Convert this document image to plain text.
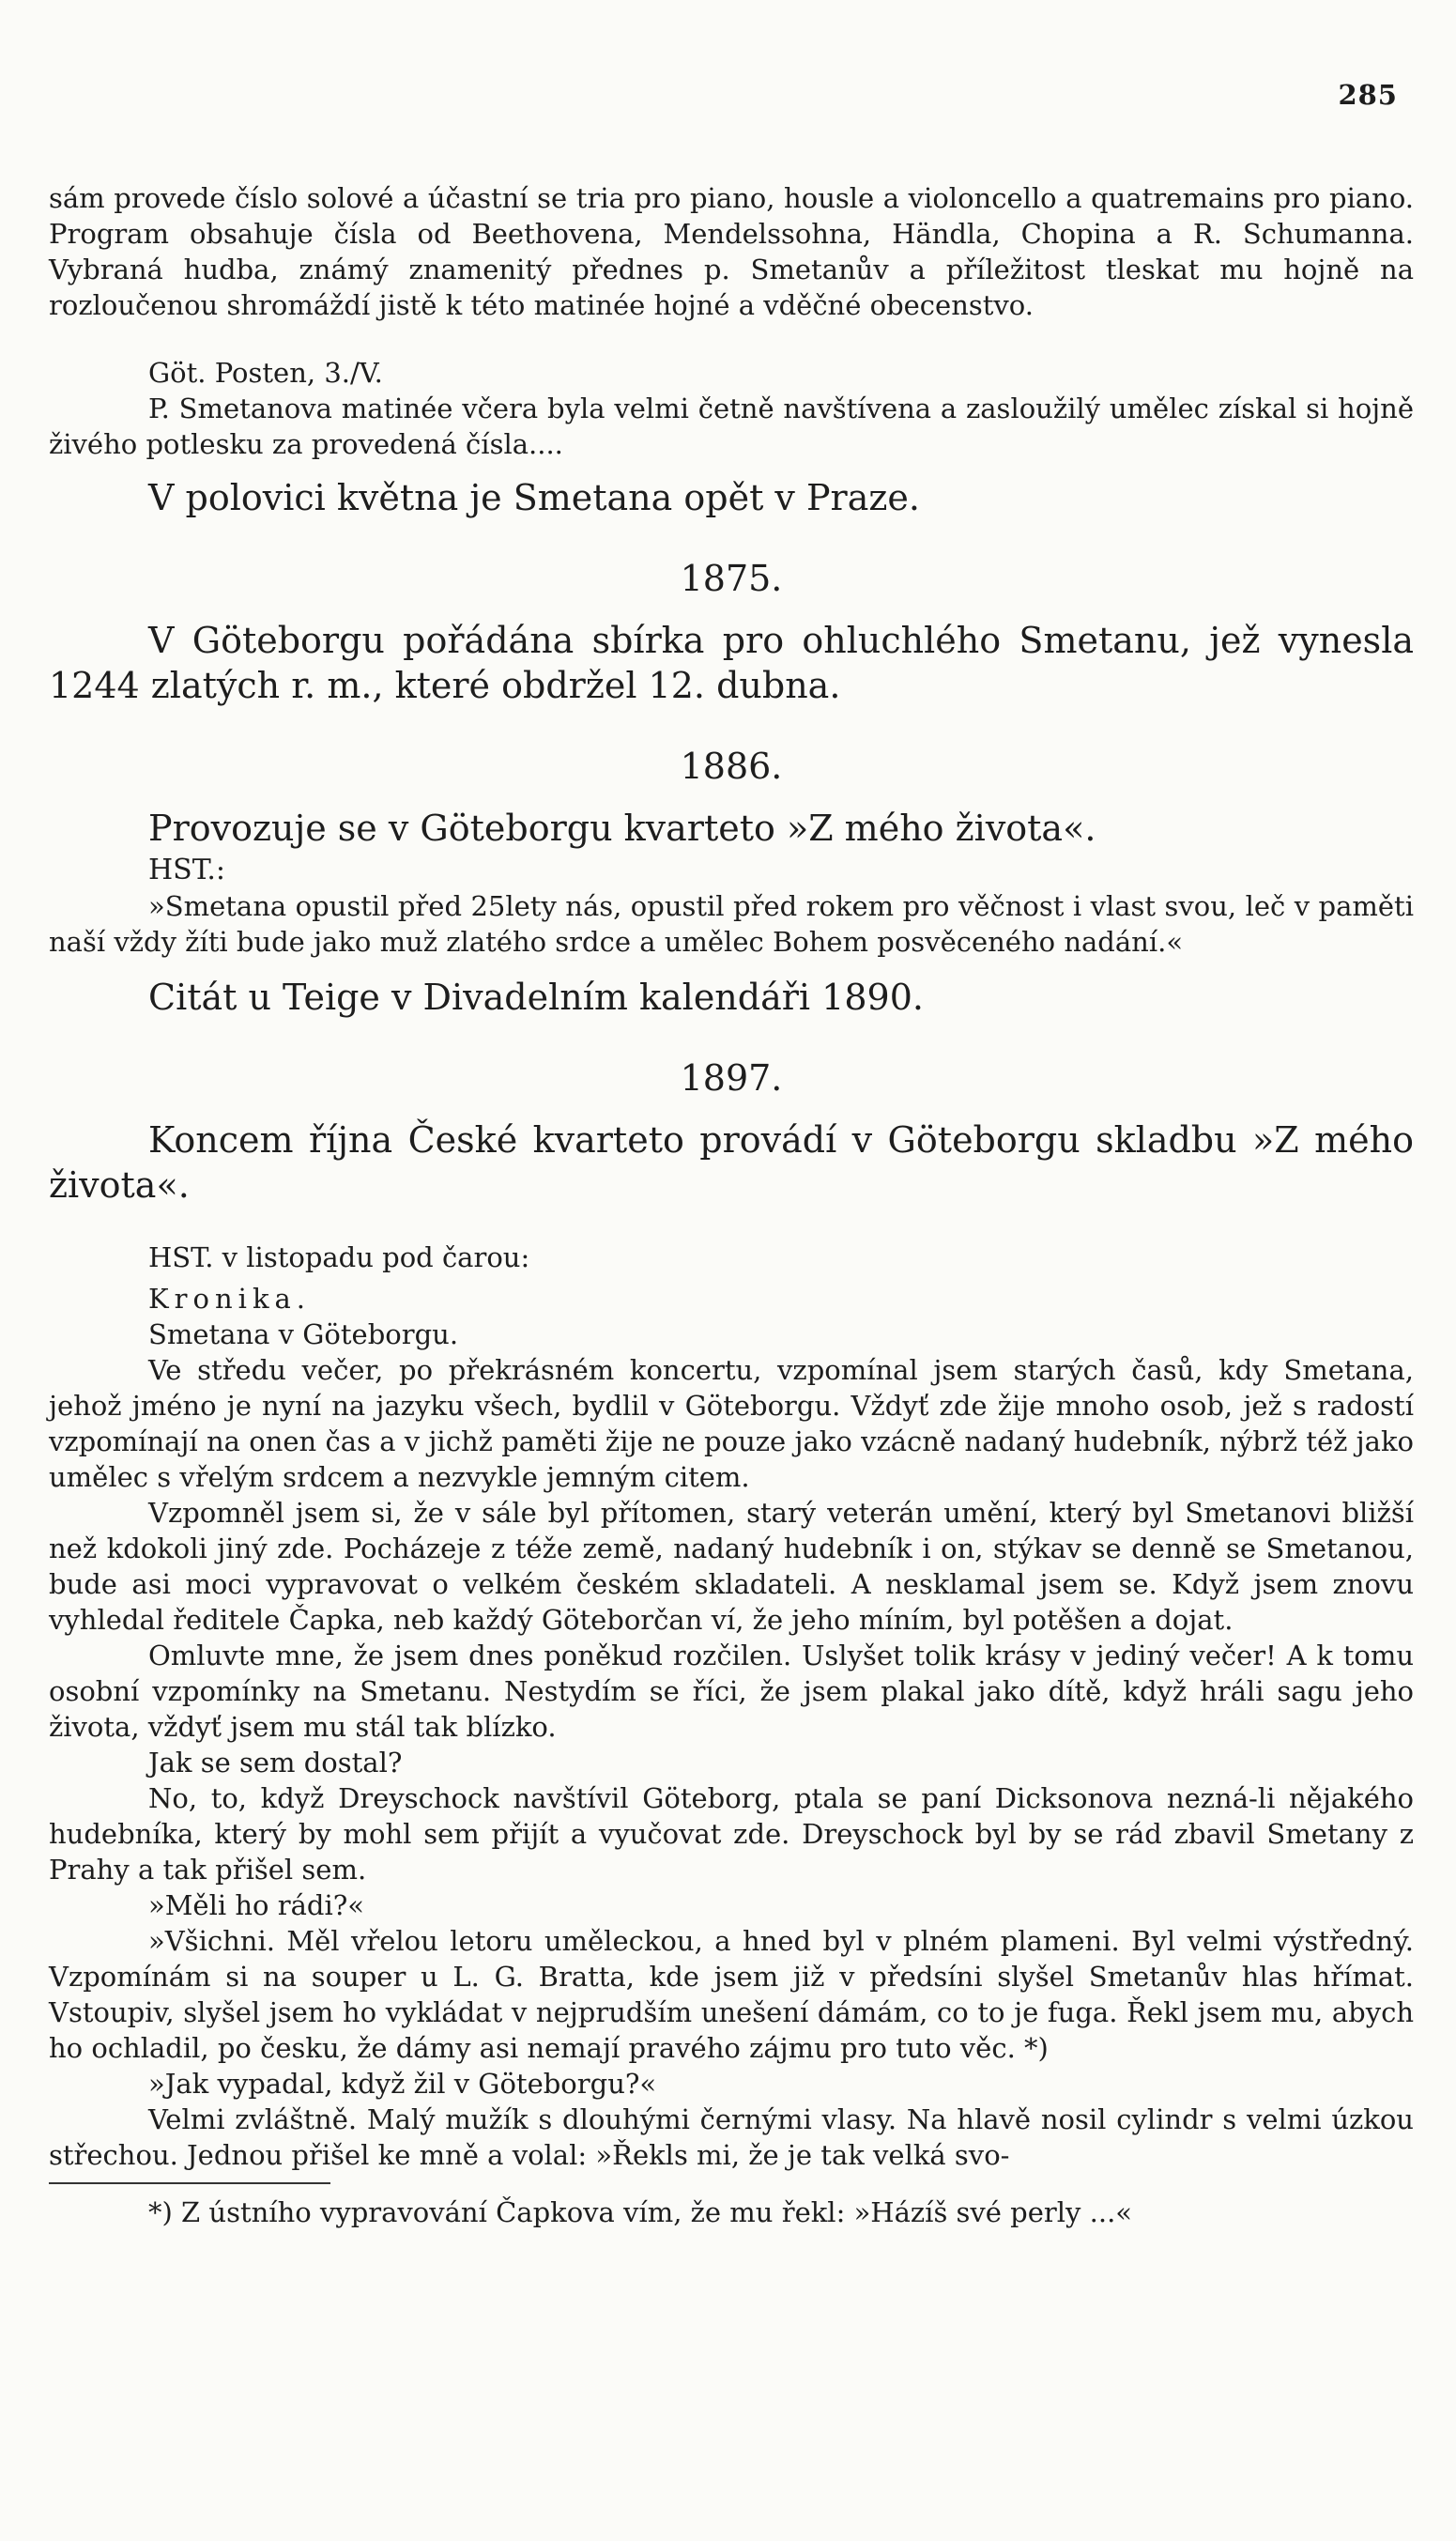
285

sám provede číslo solové a účastní se tria pro piano, housle a violoncello a quatremains pro piano. Program obsahuje čísla od Beethovena, Mendelssohna, Händla, Chopina a R. Schumanna. Vybraná hudba, známý znamenitý přednes p. Smetanův a příležitost tleskat mu hojně na rozloučenou shromáždí jistě k této matinée hojné a vděčné obecenstvo.

Göt. Posten, 3./V.

P. Smetanova matinée včera byla velmi četně navštívena a zasloužilý umělec získal si hojně živého potlesku za provedená čísla....

V polovici května je Smetana opět v Praze.

1875.

V Göteborgu pořádána sbírka pro ohluchlého Smetanu, jež vynesla 1244 zlatých r. m., které obdržel 12. dubna.

1886.

Provozuje se v Göteborgu kvarteto »Z mého života«.

HST.:

»Smetana opustil před 25lety nás, opustil před rokem pro věčnost i vlast svou, leč v paměti naší vždy žíti bude jako muž zlatého srdce a umělec Bohem posvěceného nadání.«

Citát u Teige v Divadelním kalendáři 1890.

1897.

Koncem října České kvarteto provádí v Göteborgu skladbu »Z mého života«.

HST. v listopadu pod čarou:

Kronika.

Smetana v Göteborgu.

Ve středu večer, po překrásném koncertu, vzpomínal jsem starých časů, kdy Smetana, jehož jméno je nyní na jazyku všech, bydlil v Göteborgu. Vždyť zde žije mnoho osob, jež s radostí vzpomínají na onen čas a v jichž paměti žije ne pouze jako vzácně nadaný hudebník, nýbrž též jako umělec s vřelým srdcem a nezvykle jemným citem.

Vzpomněl jsem si, že v sále byl přítomen, starý veterán umění, který byl Smetanovi bližší než kdokoli jiný zde. Pocházeje z téže země, nadaný hudebník i on, stýkav se denně se Smetanou, bude asi moci vypravovat o velkém českém skladateli. A nesklamal jsem se. Když jsem znovu vyhledal ředitele Čapka, neb každý Göteborčan ví, že jeho míním, byl potěšen a dojat.

Omluvte mne, že jsem dnes poněkud rozčilen. Uslyšet tolik krásy v jediný večer! A k tomu osobní vzpomínky na Smetanu. Nestydím se říci, že jsem plakal jako dítě, když hráli sagu jeho života, vždyť jsem mu stál tak blízko.

Jak se sem dostal?

No, to, když Dreyschock navštívil Göteborg, ptala se paní Dicksonova nezná-li nějakého hudebníka, který by mohl sem přijít a vyučovat zde. Dreyschock byl by se rád zbavil Smetany z Prahy a tak přišel sem.

»Měli ho rádi?«

»Všichni. Měl vřelou letoru uměleckou, a hned byl v plném plameni. Byl velmi výstředný. Vzpomínám si na souper u L. G. Bratta, kde jsem již v předsíni slyšel Smetanův hlas hřímat. Vstoupiv, slyšel jsem ho vykládat v nejprudším unešení dámám, co to je fuga. Řekl jsem mu, abych ho ochladil, po česku, že dámy asi nemají pravého zájmu pro tuto věc. *)

»Jak vypadal, když žil v Göteborgu?«

Velmi zvláštně. Malý mužík s dlouhými černými vlasy. Na hlavě nosil cylindr s velmi úzkou střechou. Jednou přišel ke mně a volal: »Řekls mi, že je tak velká svo-

*) Z ústního vypravování Čapkova vím, že mu řekl: »Házíš své perly ...«
